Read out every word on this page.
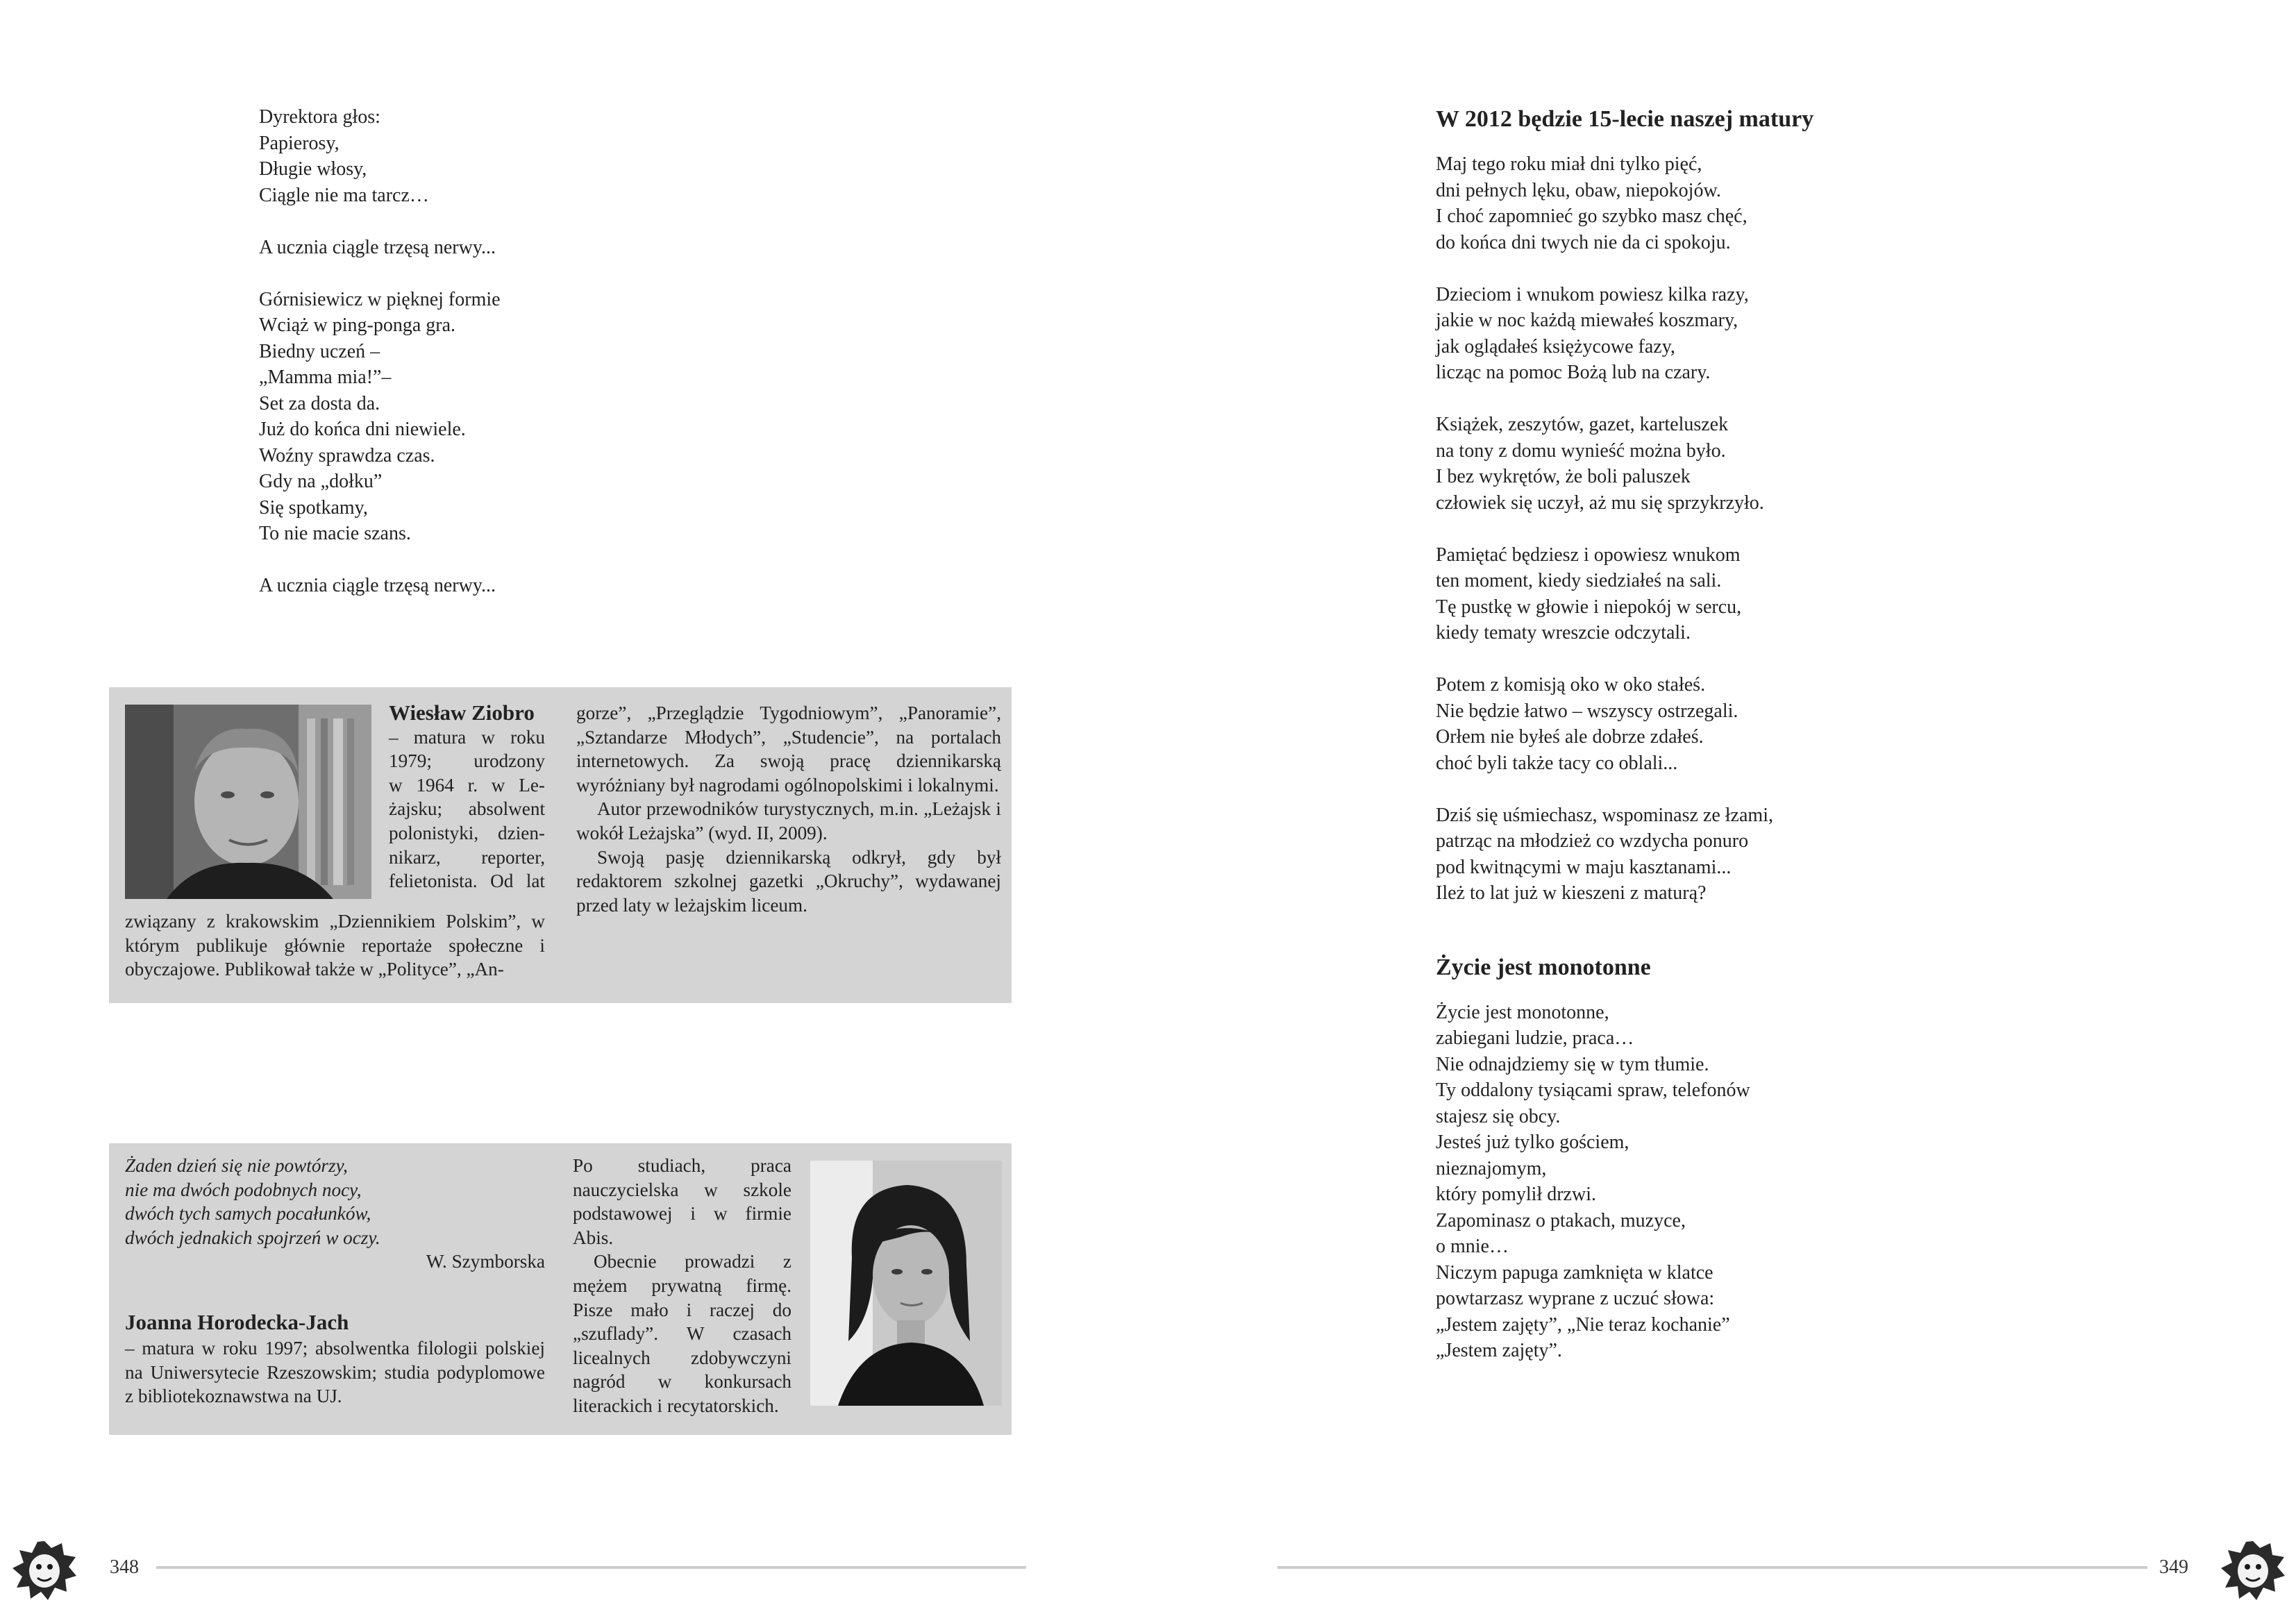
Dyrektora głos:
Papierosy,
Długie włosy,
Ciągle nie ma tarcz…
A ucznia ciągle trzęsą nerwy...
Górnisiewicz w pięknej formie
Wciąż w ping-ponga gra.
Biedny uczeń –
„Mamma mia!”–
Set za dosta da.
Już do końca dni niewiele.
Woźny sprawdza czas.
Gdy na „dołku”
Się spotkamy,
To nie macie szans.
A ucznia ciągle trzęsą nerwy...
Wiesław Ziobro
– matura w roku
1979; urodzony
w 1964 r. w Le-
żajsku; absolwent
polonistyki, dzien-
nikarz, reporter,
felietonista. Od lat
związany z krakowskim „Dziennikiem Polskim”, w którym publikuje głównie reportaże społeczne i obyczajowe. Publikował także w „Polityce”, „An-

gorze”, „Przeglądzie Tygodniowym”, „Panoramie”, „Sztandarze Młodych”, „Studencie”, na portalach internetowych. Za swoją pracę dziennikarską wyróżniany był nagrodami ogólnopolskimi i lokalnymi.

Autor przewodników turystycznych, m.in. „Leżajsk i wokół Leżajska” (wyd. II, 2009).

Swoją pasję dziennikarską odkrył, gdy był redaktorem szkolnej gazetki „Okruchy”, wydawanej przed laty w leżajskim liceum.

Żaden dzień się nie powtórzy,
nie ma dwóch podobnych nocy,
dwóch tych samych pocałunków,
dwóch jednakich spojrzeń w oczy.
W. Szymborska
Joanna Horodecka-Jach
– matura w roku 1997; absolwentka filologii polskiej na Uniwersytecie Rzeszowskim; studia podyplomowe z bibliotekoznawstwa na UJ.

Po studiach, praca nauczycielska w szkole podstawowej i w firmie Abis.

Obecnie prowadzi z mężem prywatną firmę. Pisze mało i raczej do „szuflady”. W czasach licealnych zdobywczyni nagród w konkursach literackich i recytatorskich.

W 2012 będzie 15-lecie naszej matury
Maj tego roku miał dni tylko pięć,
dni pełnych lęku, obaw, niepokojów.
I choć zapomnieć go szybko masz chęć,
do końca dni twych nie da ci spokoju.
Dzieciom i wnukom powiesz kilka razy,
jakie w noc każdą miewałeś koszmary,
jak oglądałeś księżycowe fazy,
licząc na pomoc Bożą lub na czary.
Książek, zeszytów, gazet, karteluszek
na tony z domu wynieść można było.
I bez wykrętów, że boli paluszek
człowiek się uczył, aż mu się sprzykrzyło.
Pamiętać będziesz i opowiesz wnukom
ten moment, kiedy siedziałeś na sali.
Tę pustkę w głowie i niepokój w sercu,
kiedy tematy wreszcie odczytali.
Potem z komisją oko w oko stałeś.
Nie będzie łatwo – wszyscy ostrzegali.
Orłem nie byłeś ale dobrze zdałeś.
choć byli także tacy co oblali...
Dziś się uśmiechasz, wspominasz ze łzami,
patrząc na młodzież co wzdycha ponuro
pod kwitnącymi w maju kasztanami...
Ileż to lat już w kieszeni z maturą?
Życie jest monotonne
Życie jest monotonne,
zabiegani ludzie, praca…
Nie odnajdziemy się w tym tłumie.
Ty oddalony tysiącami spraw, telefonów
stajesz się obcy.
Jesteś już tylko gościem,
nieznajomym,
który pomylił drzwi.
Zapominasz o ptakach, muzyce,
o mnie…
Niczym papuga zamknięta w klatce
powtarzasz wyprane z uczuć słowa:
„Jestem zajęty”, „Nie teraz kochanie”
„Jestem zajęty”.
348	349
